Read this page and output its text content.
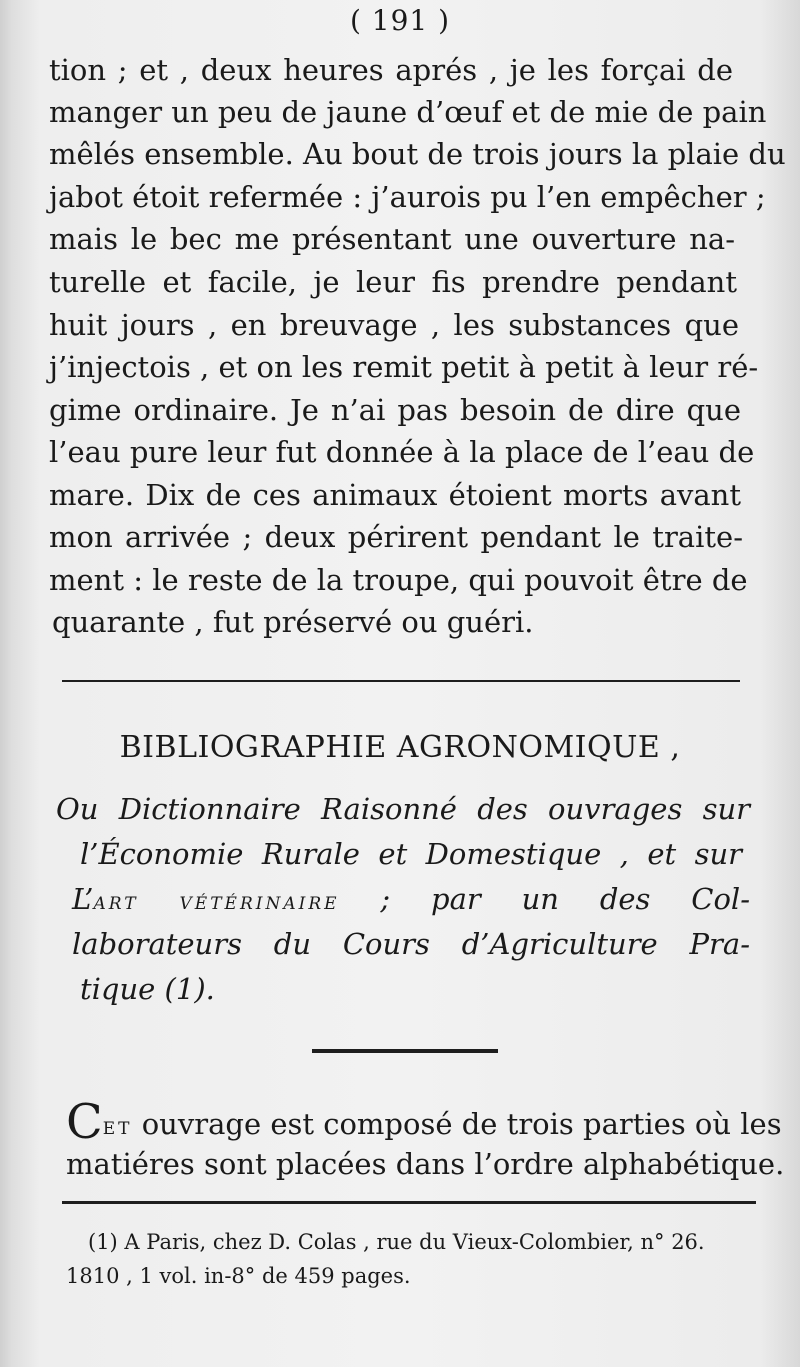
( 191 )
tion ; et , deux heures aprés , je les forçai de
manger un peu de jaune d’œuf et de mie de pain
mêlés ensemble. Au bout de trois jours la plaie du
jabot étoit refermée : j’aurois pu l’en empêcher ;
mais le bec me présentant une ouverture na-
turelle et facile, je leur fis prendre pendant
huit jours , en breuvage , les substances que
j’injectois , et on les remit petit à petit à leur ré-
gime ordinaire. Je n’ai pas besoin de dire que
l’eau pure leur fut donnée à la place de l’eau de
mare. Dix de ces animaux étoient morts avant
mon arrivée ; deux périrent pendant le traite-
ment : le reste de la troupe, qui pouvoit être de
quarante , fut préservé ou guéri.
BIBLIOGRAPHIE AGRONOMIQUE ,
Ou Dictionnaire Raisonné des ouvrages sur
l’Économie Rurale et Domestique , et sur
L’ART VÉTÉRINAIRE ; par un des Col-
laborateurs du Cours d’Agriculture Pra-
tique (1).
CET ouvrage est composé de trois parties où les
matiéres sont placées dans l’ordre alphabétique.
(1) A Paris, chez D. Colas , rue du Vieux-Colombier, n° 26.
1810 , 1 vol. in-8° de 459 pages.
